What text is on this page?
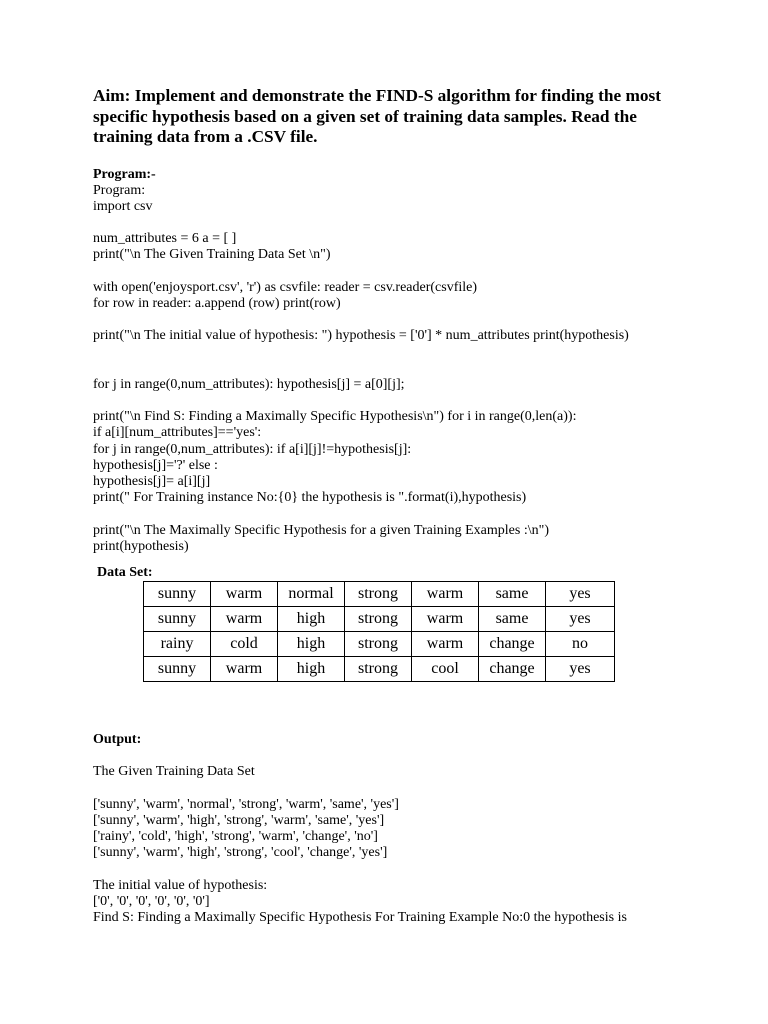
Aim: Implement and demonstrate the FIND-S algorithm for finding the most specific hypothesis based on a given set of training data samples. Read the training data from a .CSV file.

Program:-

Program:

import csv

num_attributes = 6 a = [ ]

print("\n The Given Training Data Set \n")

with open('enjoysport.csv', 'r') as csvfile: reader = csv.reader(csvfile)

for row in reader: a.append (row) print(row)

print("\n The initial value of hypothesis: ") hypothesis = ['0'] * num_attributes print(hypothesis)

for j in range(0,num_attributes): hypothesis[j] = a[0][j];

print("\n Find S: Finding a Maximally Specific Hypothesis\n") for i in range(0,len(a)):

if a[i][num_attributes]=='yes':

for j in range(0,num_attributes): if a[i][j]!=hypothesis[j]:

hypothesis[j]='?' else :

hypothesis[j]= a[i][j]

print(" For Training instance No:{0} the hypothesis is ".format(i),hypothesis)

print("\n The Maximally Specific Hypothesis for a given Training Examples :\n")

print(hypothesis)

Data Set:
sunny	warm	normal	strong	warm	same	yes
sunny	warm	high	strong	warm	same	yes
rainy	cold	high	strong	warm	change	no
sunny	warm	high	strong	cool	change	yes

Output:

The Given Training Data Set

['sunny', 'warm', 'normal', 'strong', 'warm', 'same', 'yes']

['sunny', 'warm', 'high', 'strong', 'warm', 'same', 'yes']

['rainy', 'cold', 'high', 'strong', 'warm', 'change', 'no']

['sunny', 'warm', 'high', 'strong', 'cool', 'change', 'yes']

The initial value of hypothesis:

['0', '0', '0', '0', '0', '0']

Find S: Finding a Maximally Specific Hypothesis For Training Example No:0 the hypothesis is
